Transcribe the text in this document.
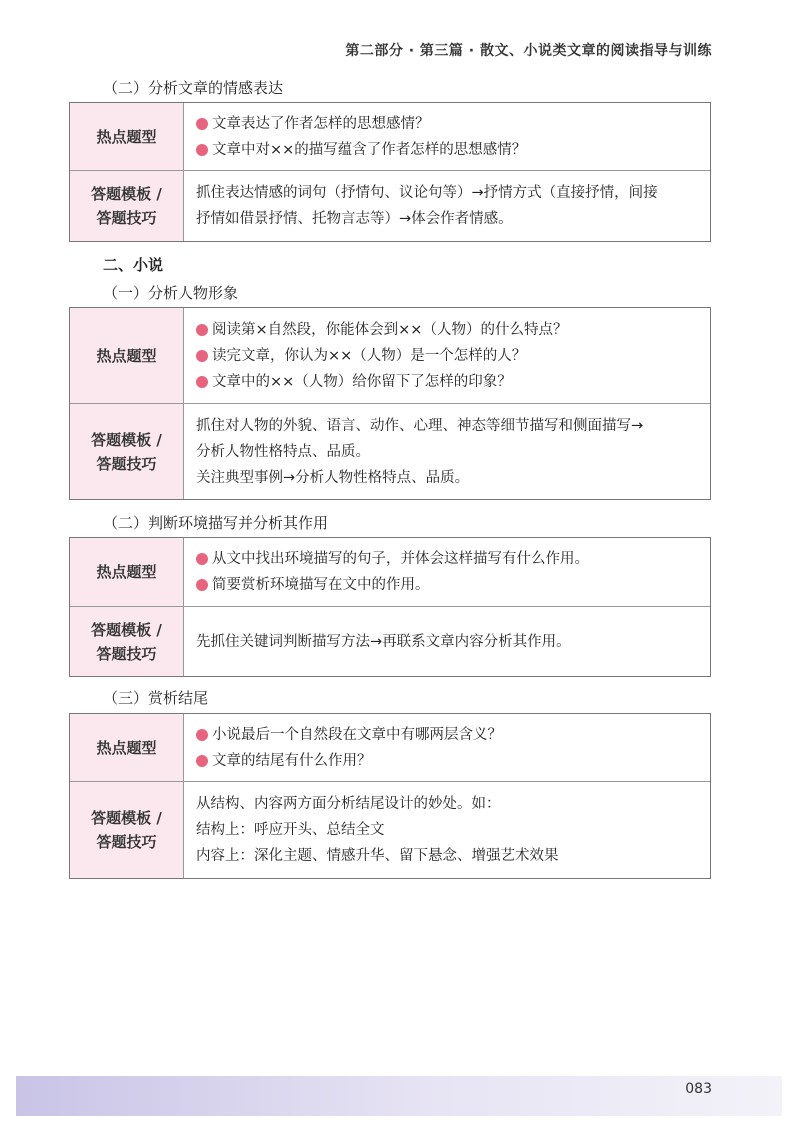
第二部分 · 第三篇 · 散文、小说类文章的阅读指导与训练
（二）分析文章的情感表达
热点题型
文章表达了作者怎样的思想感情？
文章中对××的描写蕴含了作者怎样的思想感情？
答题模板 /
答题技巧
抓住表达情感的词句（抒情句、议论句等）→抒情方式（直接抒情，间接
抒情如借景抒情、托物言志等）→体会作者情感。
二、小说
（一）分析人物形象
热点题型
阅读第×自然段，你能体会到××（人物）的什么特点？
读完文章，你认为××（人物）是一个怎样的人？
文章中的××（人物）给你留下了怎样的印象？
答题模板 /
答题技巧
抓住对人物的外貌、语言、动作、心理、神态等细节描写和侧面描写→
分析人物性格特点、品质。
关注典型事例→分析人物性格特点、品质。
（二）判断环境描写并分析其作用
热点题型
从文中找出环境描写的句子，并体会这样描写有什么作用。
简要赏析环境描写在文中的作用。
答题模板 /
答题技巧
先抓住关键词判断描写方法→再联系文章内容分析其作用。
（三）赏析结尾
热点题型
小说最后一个自然段在文章中有哪两层含义？
文章的结尾有什么作用？
答题模板 /
答题技巧
从结构、内容两方面分析结尾设计的妙处。如：
结构上：呼应开头、总结全文
内容上：深化主题、情感升华、留下悬念、增强艺术效果
083
